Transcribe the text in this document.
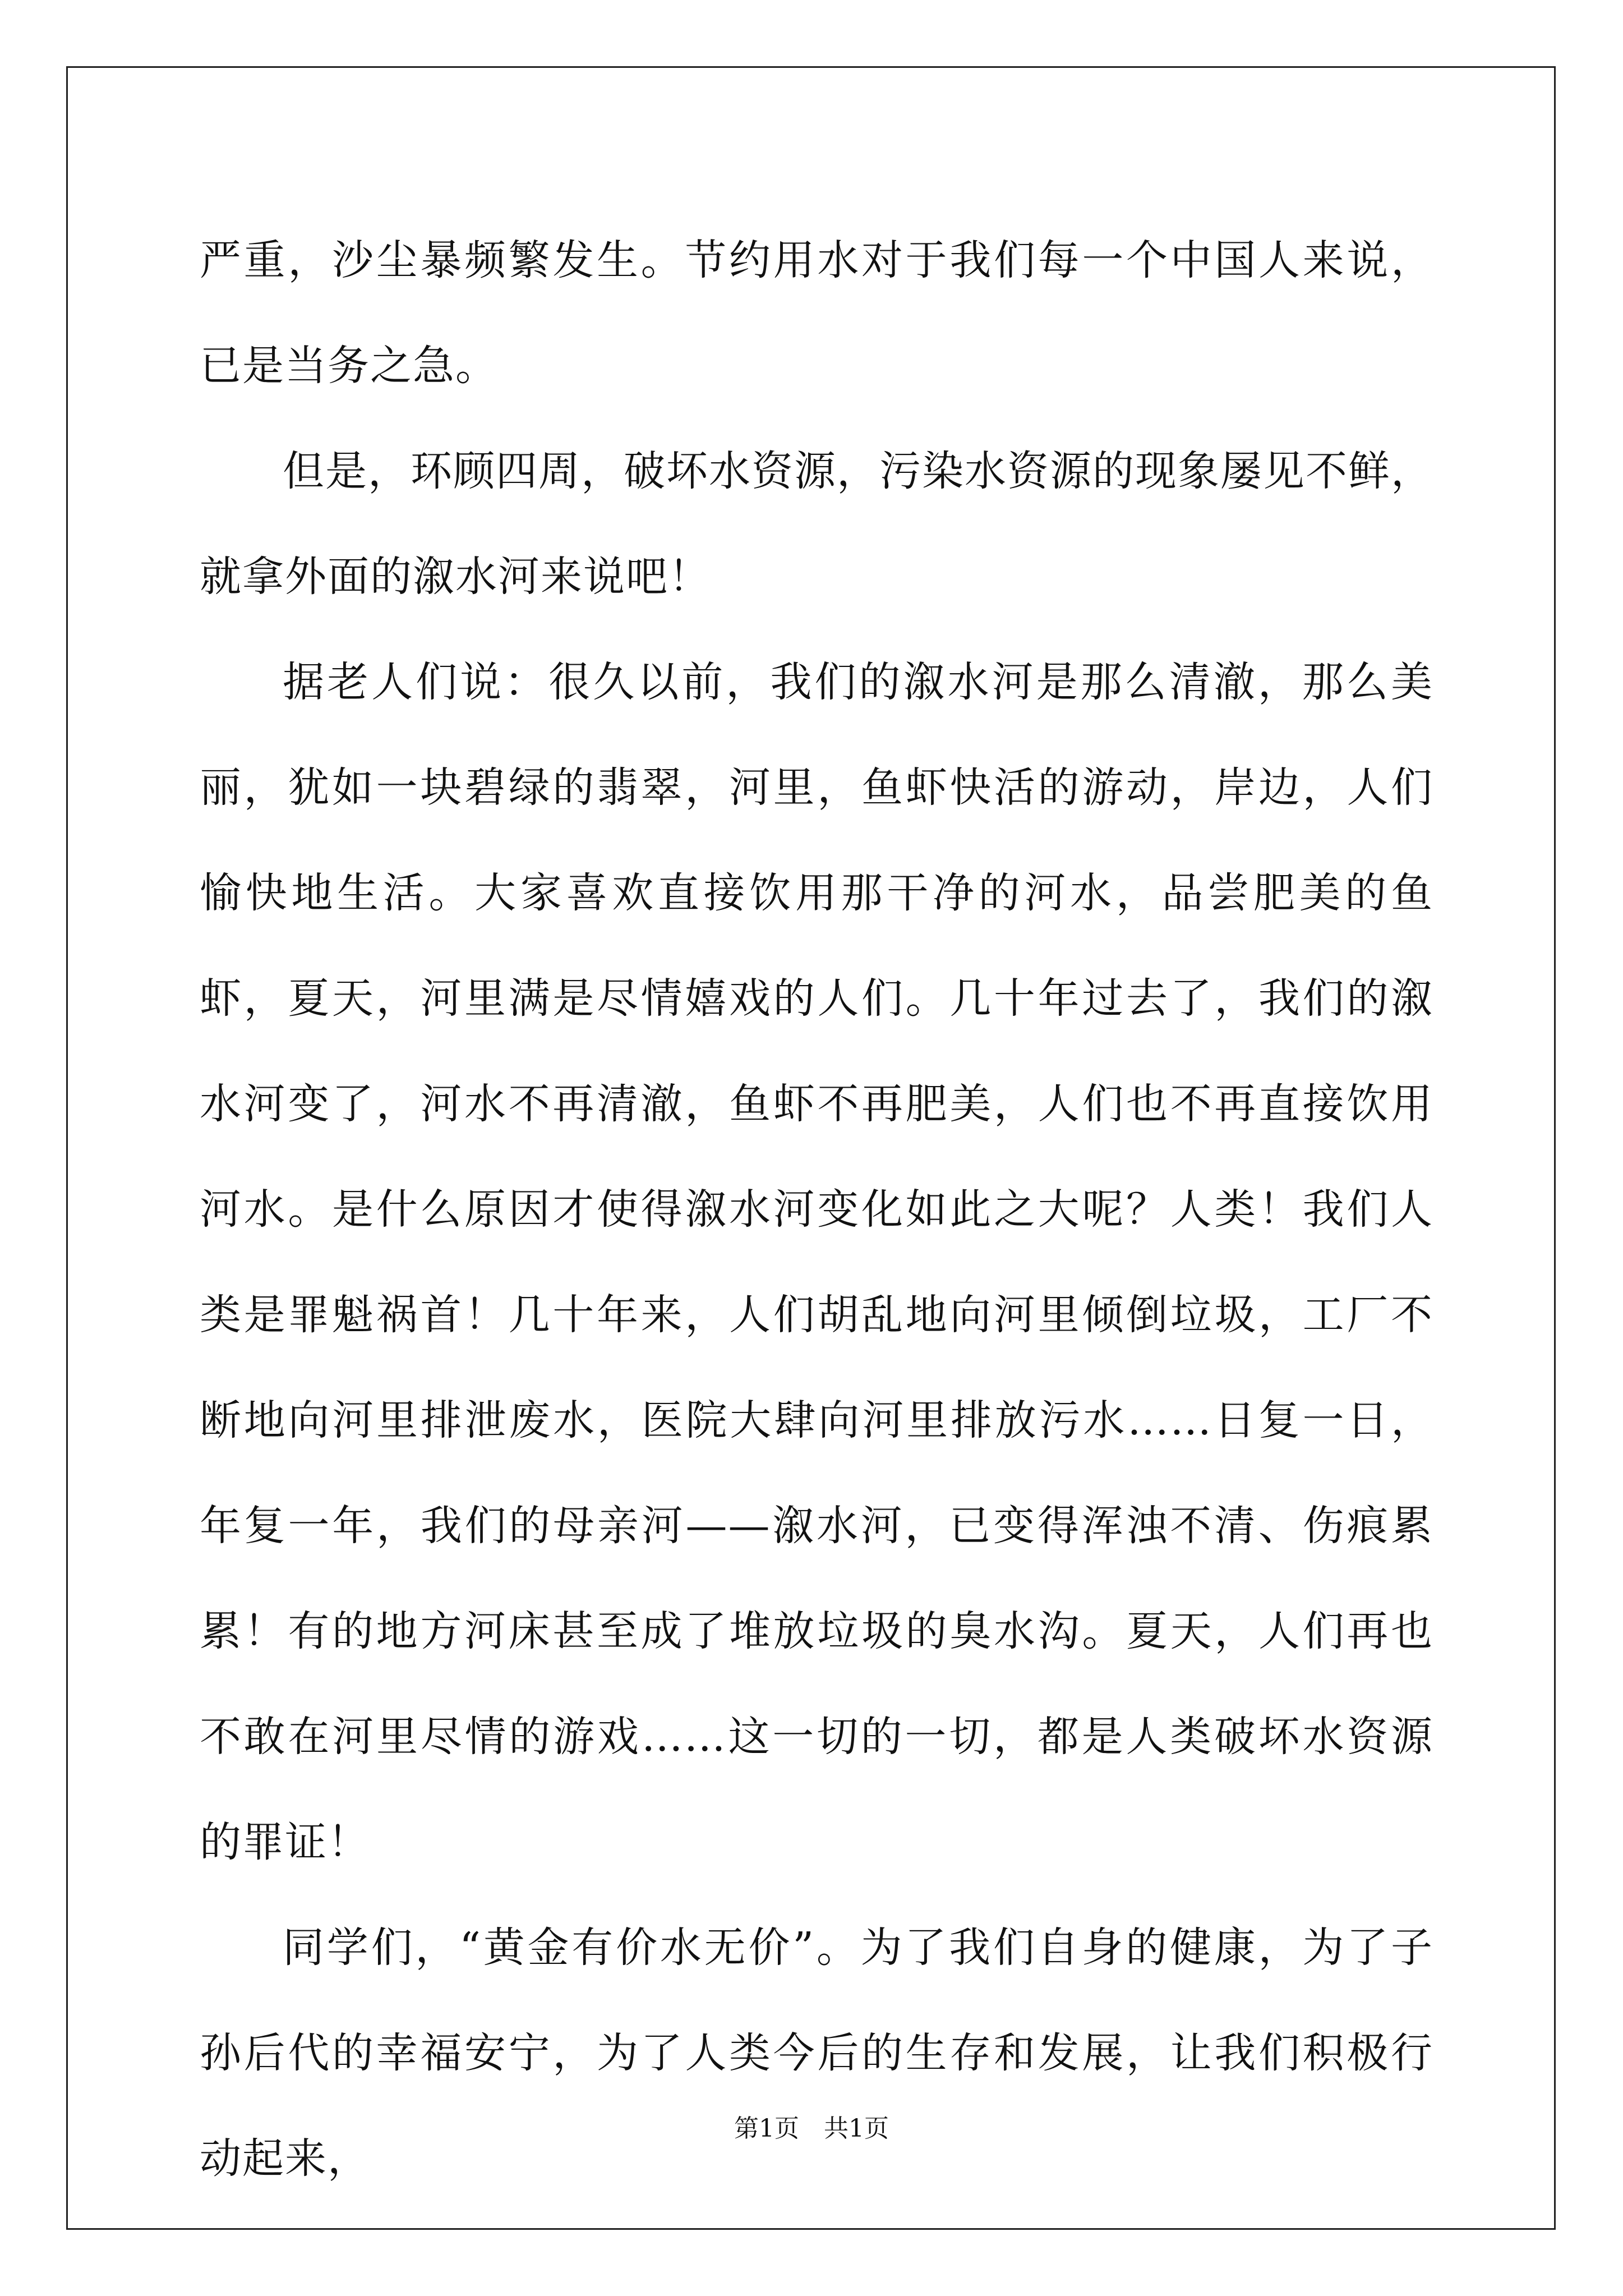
严重，沙尘暴频繁发生。节约用水对于我们每一个中国人来说，已是当务之急。

但是，环顾四周，破坏水资源，污染水资源的现象屡见不鲜，就拿外面的溆水河来说吧！

据老人们说：很久以前，我们的溆水河是那么清澈，那么美丽，犹如一块碧绿的翡翠，河里，鱼虾快活的游动，岸边，人们愉快地生活。大家喜欢直接饮用那干净的河水，品尝肥美的鱼虾，夏天，河里满是尽情嬉戏的人们。几十年过去了，我们的溆水河变了，河水不再清澈，鱼虾不再肥美，人们也不再直接饮用河水。是什么原因才使得溆水河变化如此之大呢？人类！我们人类是罪魁祸首！几十年来，人们胡乱地向河里倾倒垃圾，工厂不断地向河里排泄废水，医院大肆向河里排放污水……日复一日，年复一年，我们的母亲河——溆水河，已变得浑浊不清、伤痕累累！有的地方河床甚至成了堆放垃圾的臭水沟。夏天，人们再也不敢在河里尽情的游戏……这一切的一切，都是人类破坏水资源的罪证！

同学们，“黄金有价水无价”。为了我们自身的健康，为了子孙后代的幸福安宁，为了人类今后的生存和发展，让我们积极行动起来，

第1页　共1页
